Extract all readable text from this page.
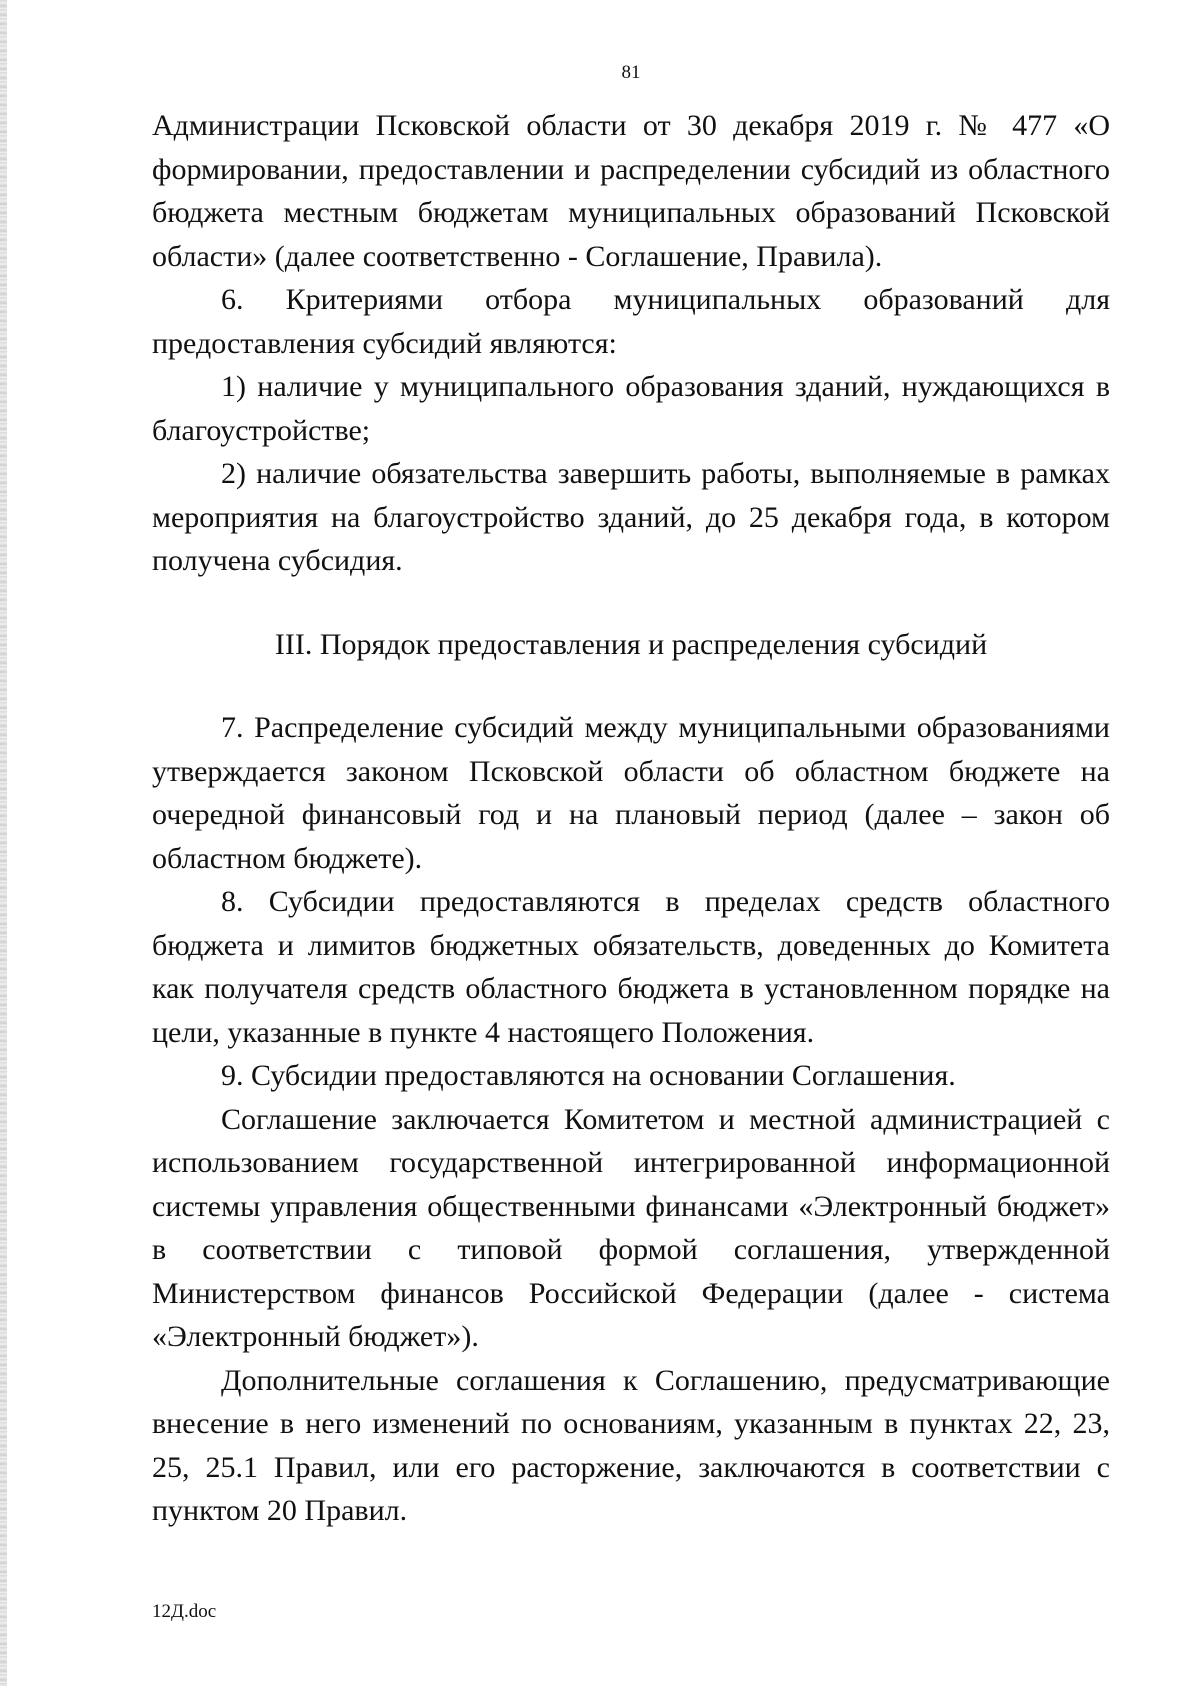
81

Администрации Псковской области от 30 декабря 2019 г. № 477 «О формировании, предоставлении и распределении субсидий из областного бюджета местным бюджетам муниципальных образований Псковской области» (далее соответственно - Соглашение, Правила).

6. Критериями отбора муниципальных образований для предоставления субсидий являются:

1) наличие у муниципального образования зданий, нуждающихся в благоустройстве;

2) наличие обязательства завершить работы, выполняемые в рамках мероприятия на благоустройство зданий, до 25 декабря года, в котором получена субсидия.

III. Порядок предоставления и распределения субсидий

7. Распределение субсидий между муниципальными образованиями утверждается законом Псковской области об областном бюджете на очередной финансовый год и на плановый период (далее – закон об областном бюджете).

8. Субсидии предоставляются в пределах средств областного бюджета и лимитов бюджетных обязательств, доведенных до Комитета как получателя средств областного бюджета в установленном порядке на цели, указанные в пункте 4 настоящего Положения.

9. Субсидии предоставляются на основании Соглашения.

Соглашение заключается Комитетом и местной администрацией с использованием государственной интегрированной информационной системы управления общественными финансами «Электронный бюджет» в соответствии с типовой формой соглашения, утвержденной Министерством финансов Российской Федерации (далее - система «Электронный бюджет»).

Дополнительные соглашения к Соглашению, предусматривающие внесение в него изменений по основаниям, указанным в пунктах 22, 23, 25, 25.1 Правил, или его расторжение, заключаются в соответствии с пунктом 20 Правил.

12Д.doc
